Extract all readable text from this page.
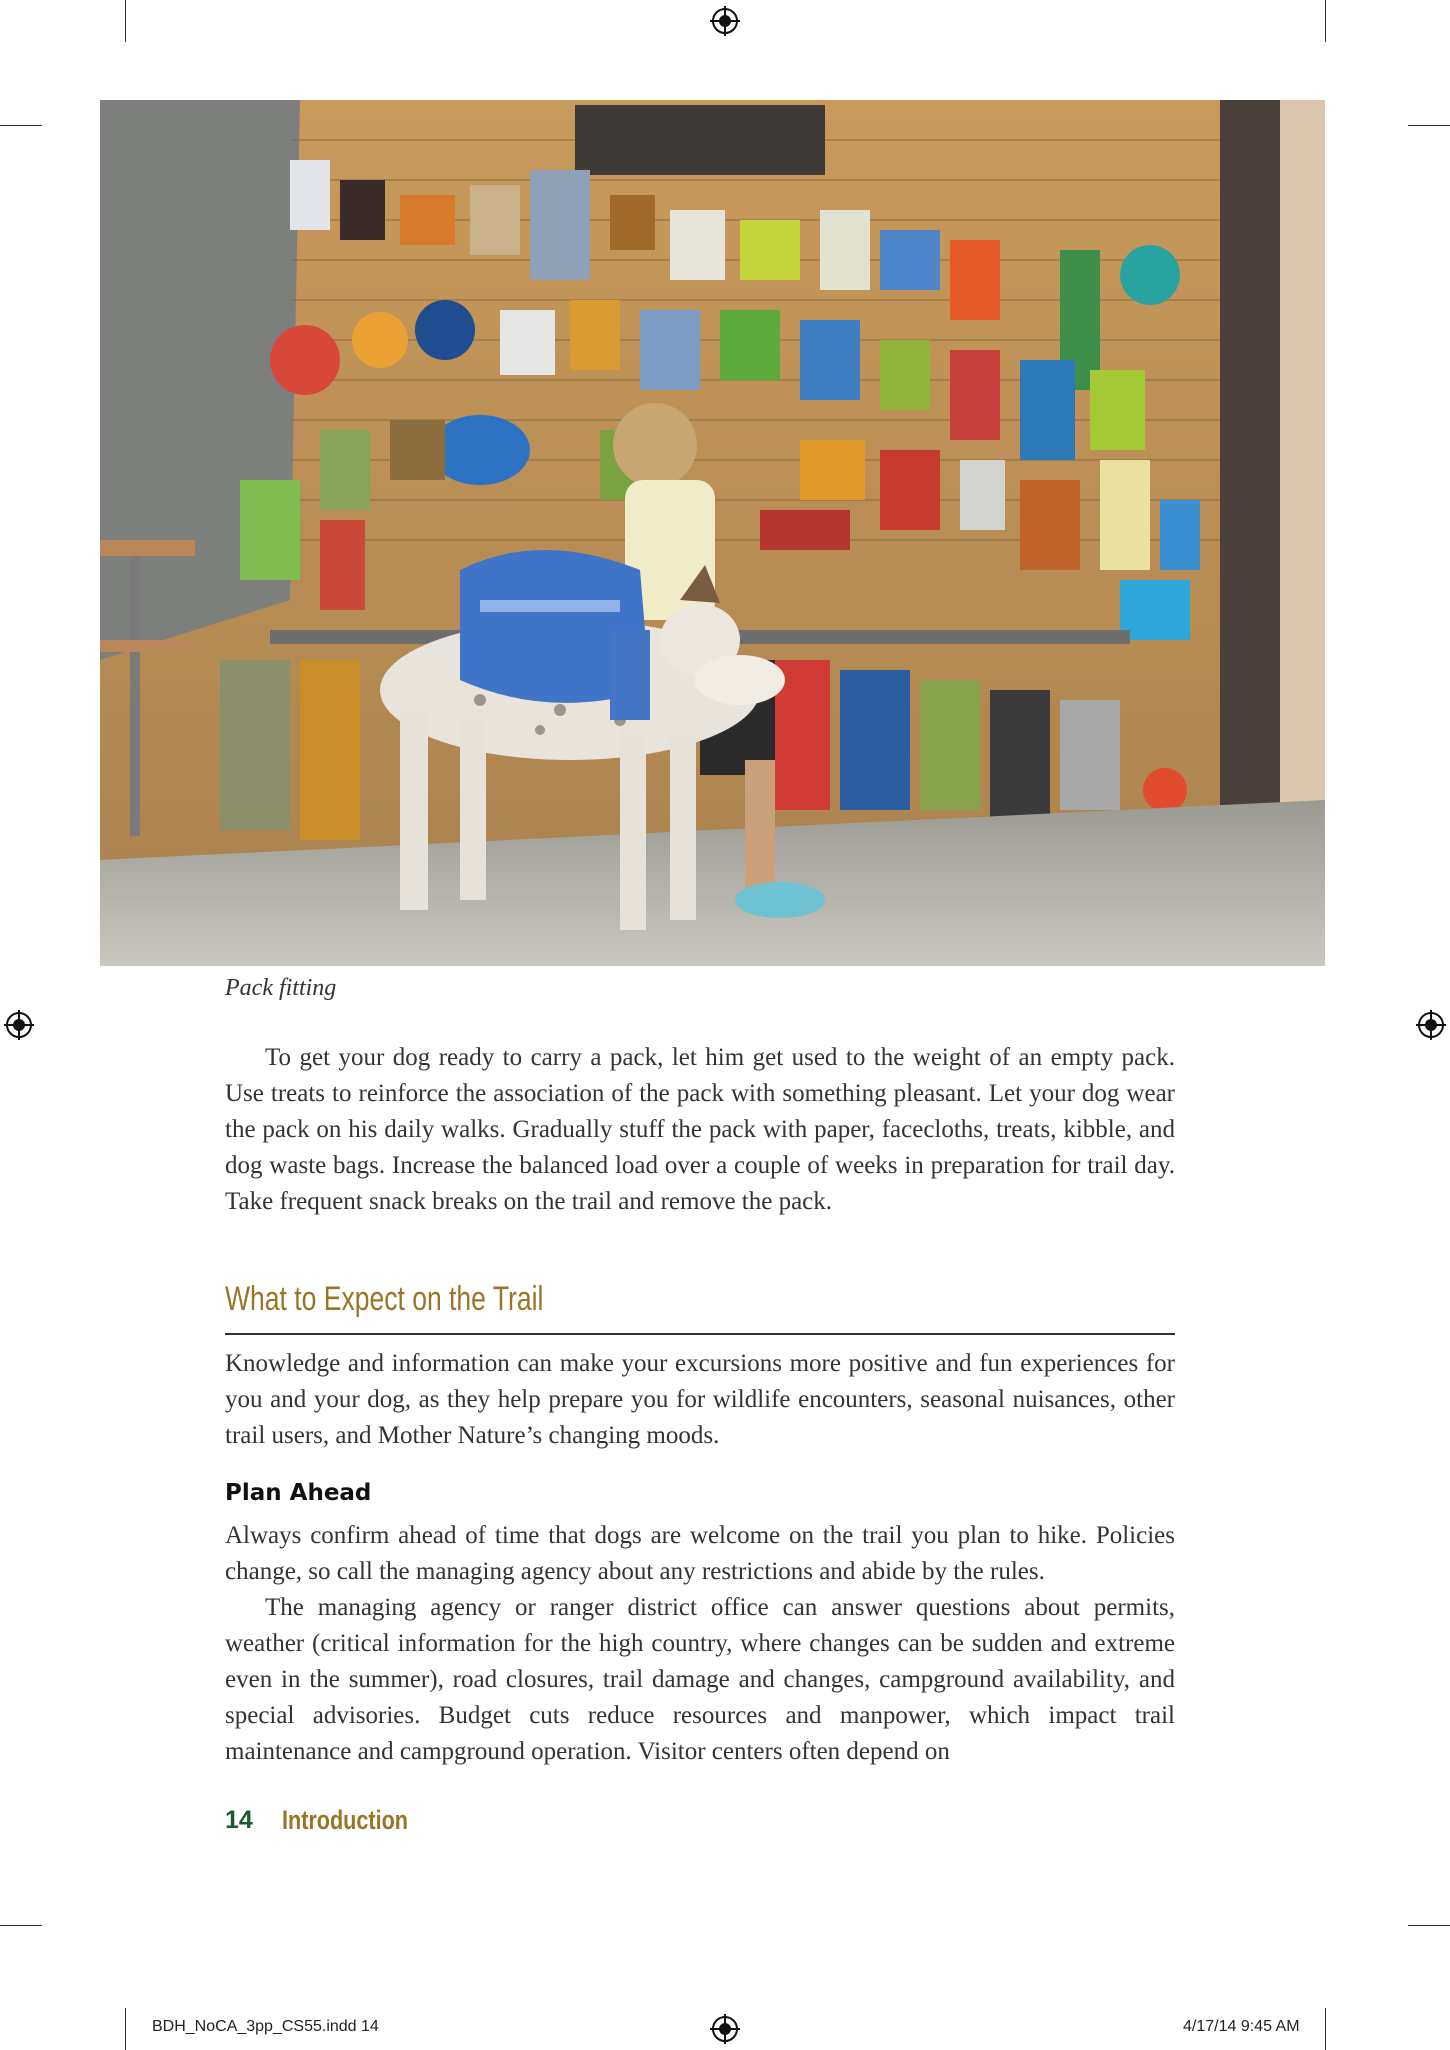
Pack fitting

To get your dog ready to carry a pack, let him get used to the weight of an empty pack. Use treats to reinforce the association of the pack with something pleasant. Let your dog wear the pack on his daily walks. Gradually stuff the pack with paper, facecloths, treats, kibble, and dog waste bags. Increase the balanced load over a couple of weeks in preparation for trail day. Take frequent snack breaks on the trail and remove the pack.

What to Expect on the Trail

Knowledge and information can make your excursions more positive and fun experiences for you and your dog, as they help prepare you for wildlife encounters, seasonal nuisances, other trail users, and Mother Nature’s changing moods.

Plan Ahead

Always confirm ahead of time that dogs are welcome on the trail you plan to hike. Policies change, so call the managing agency about any restrictions and abide by the rules.

The managing agency or ranger district office can answer questions about permits, weather (critical information for the high country, where changes can be sudden and extreme even in the summer), road closures, trail damage and changes, campground availability, and special advisories. Budget cuts reduce resources and manpower, which impact trail maintenance and campground operation. Visitor centers often depend on

14 Introduction
BDH_NoCA_3pp_CS55.indd 14	4/17/14 9:45 AM
